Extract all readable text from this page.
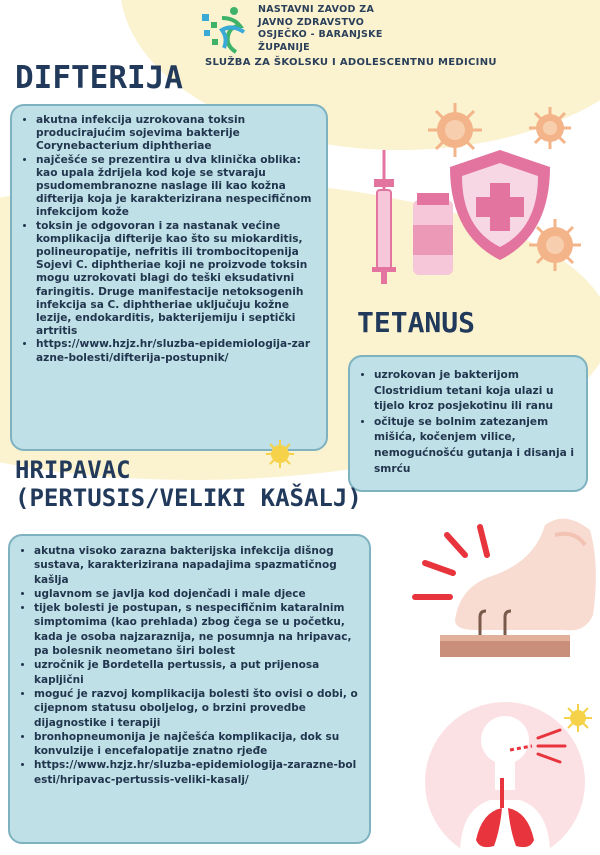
NASTAVNI ZAVOD ZA
JAVNO ZDRAVSTVO
OSJEČKO - BARANJSKE
ŽUPANIJE
SLUŽBA ZA ŠKOLSKU I ADOLESCENTNU MEDICINU
DIFTERIJA
• akutna infekcija uzrokovana toksin producirajućim sojevima bakterije Corynebacterium diphtheriae
• najčešće se prezentira u dva klinička oblika: kao upala ždrijela kod koje se stvaraju psudomembranozne naslage ili kao kožna difterija koja je karakterizirana nespecifičnom infekcijom kože
• toksin je odgovoran i za nastanak većine komplikacija difterije kao što su miokarditis, polineuropatije, nefritis ili trombocitopenija Sojevi C. diphtheriae koji ne proizvode toksin mogu uzrokovati blagi do teški eksudativni faringitis. Druge manifestacije netoksogenih infekcija sa C. diphtheriae uključuju kožne lezije, endokarditis, bakteriјemiju i septički artritis
• https://www.hzjz.hr/sluzba-epidemiologija-zarazne-bolesti/difterija-postupnik/
TETANUS
• uzrokovan je bakterijom Clostridium tetani koja ulazi u tijelo kroz posjekotinu ili ranu
• očituje se bolnim zatezanjem mišića, kočenjem vilice, nemogućnošću gutanja i disanja i smrću
HRIPAVAC
(PERTUSIS/VELIKI KAŠALJ)
• akutna visoko zarazna bakterijska infekcija dišnog sustava, karakterizirana napadajima spazmatičnog kašlja
• uglavnom se javlja kod dojenčadi i male djece
• tijek bolesti je postupan, s nespecifičnim kataralnim simptomima (kao prehlada) zbog čega se u početku, kada je osoba najzaraznija, ne posumnja na hripavac, pa bolesnik neometano širi bolest
• uzročnik je Bordetella pertussis, a put prijenosa kapljični
• moguć je razvoj komplikacija bolesti što ovisi o dobi, o cijepnom statusu oboljelog, o brzini provedbe dijagnostike i terapiji
• bronhopneumonija je najčešća komplikacija, dok su konvulzije i encefalopatije znatno rjeđe
• https://www.hzjz.hr/sluzba-epidemiologija-zarazne-bolesti/hripavac-pertussis-veliki-kasalj/
